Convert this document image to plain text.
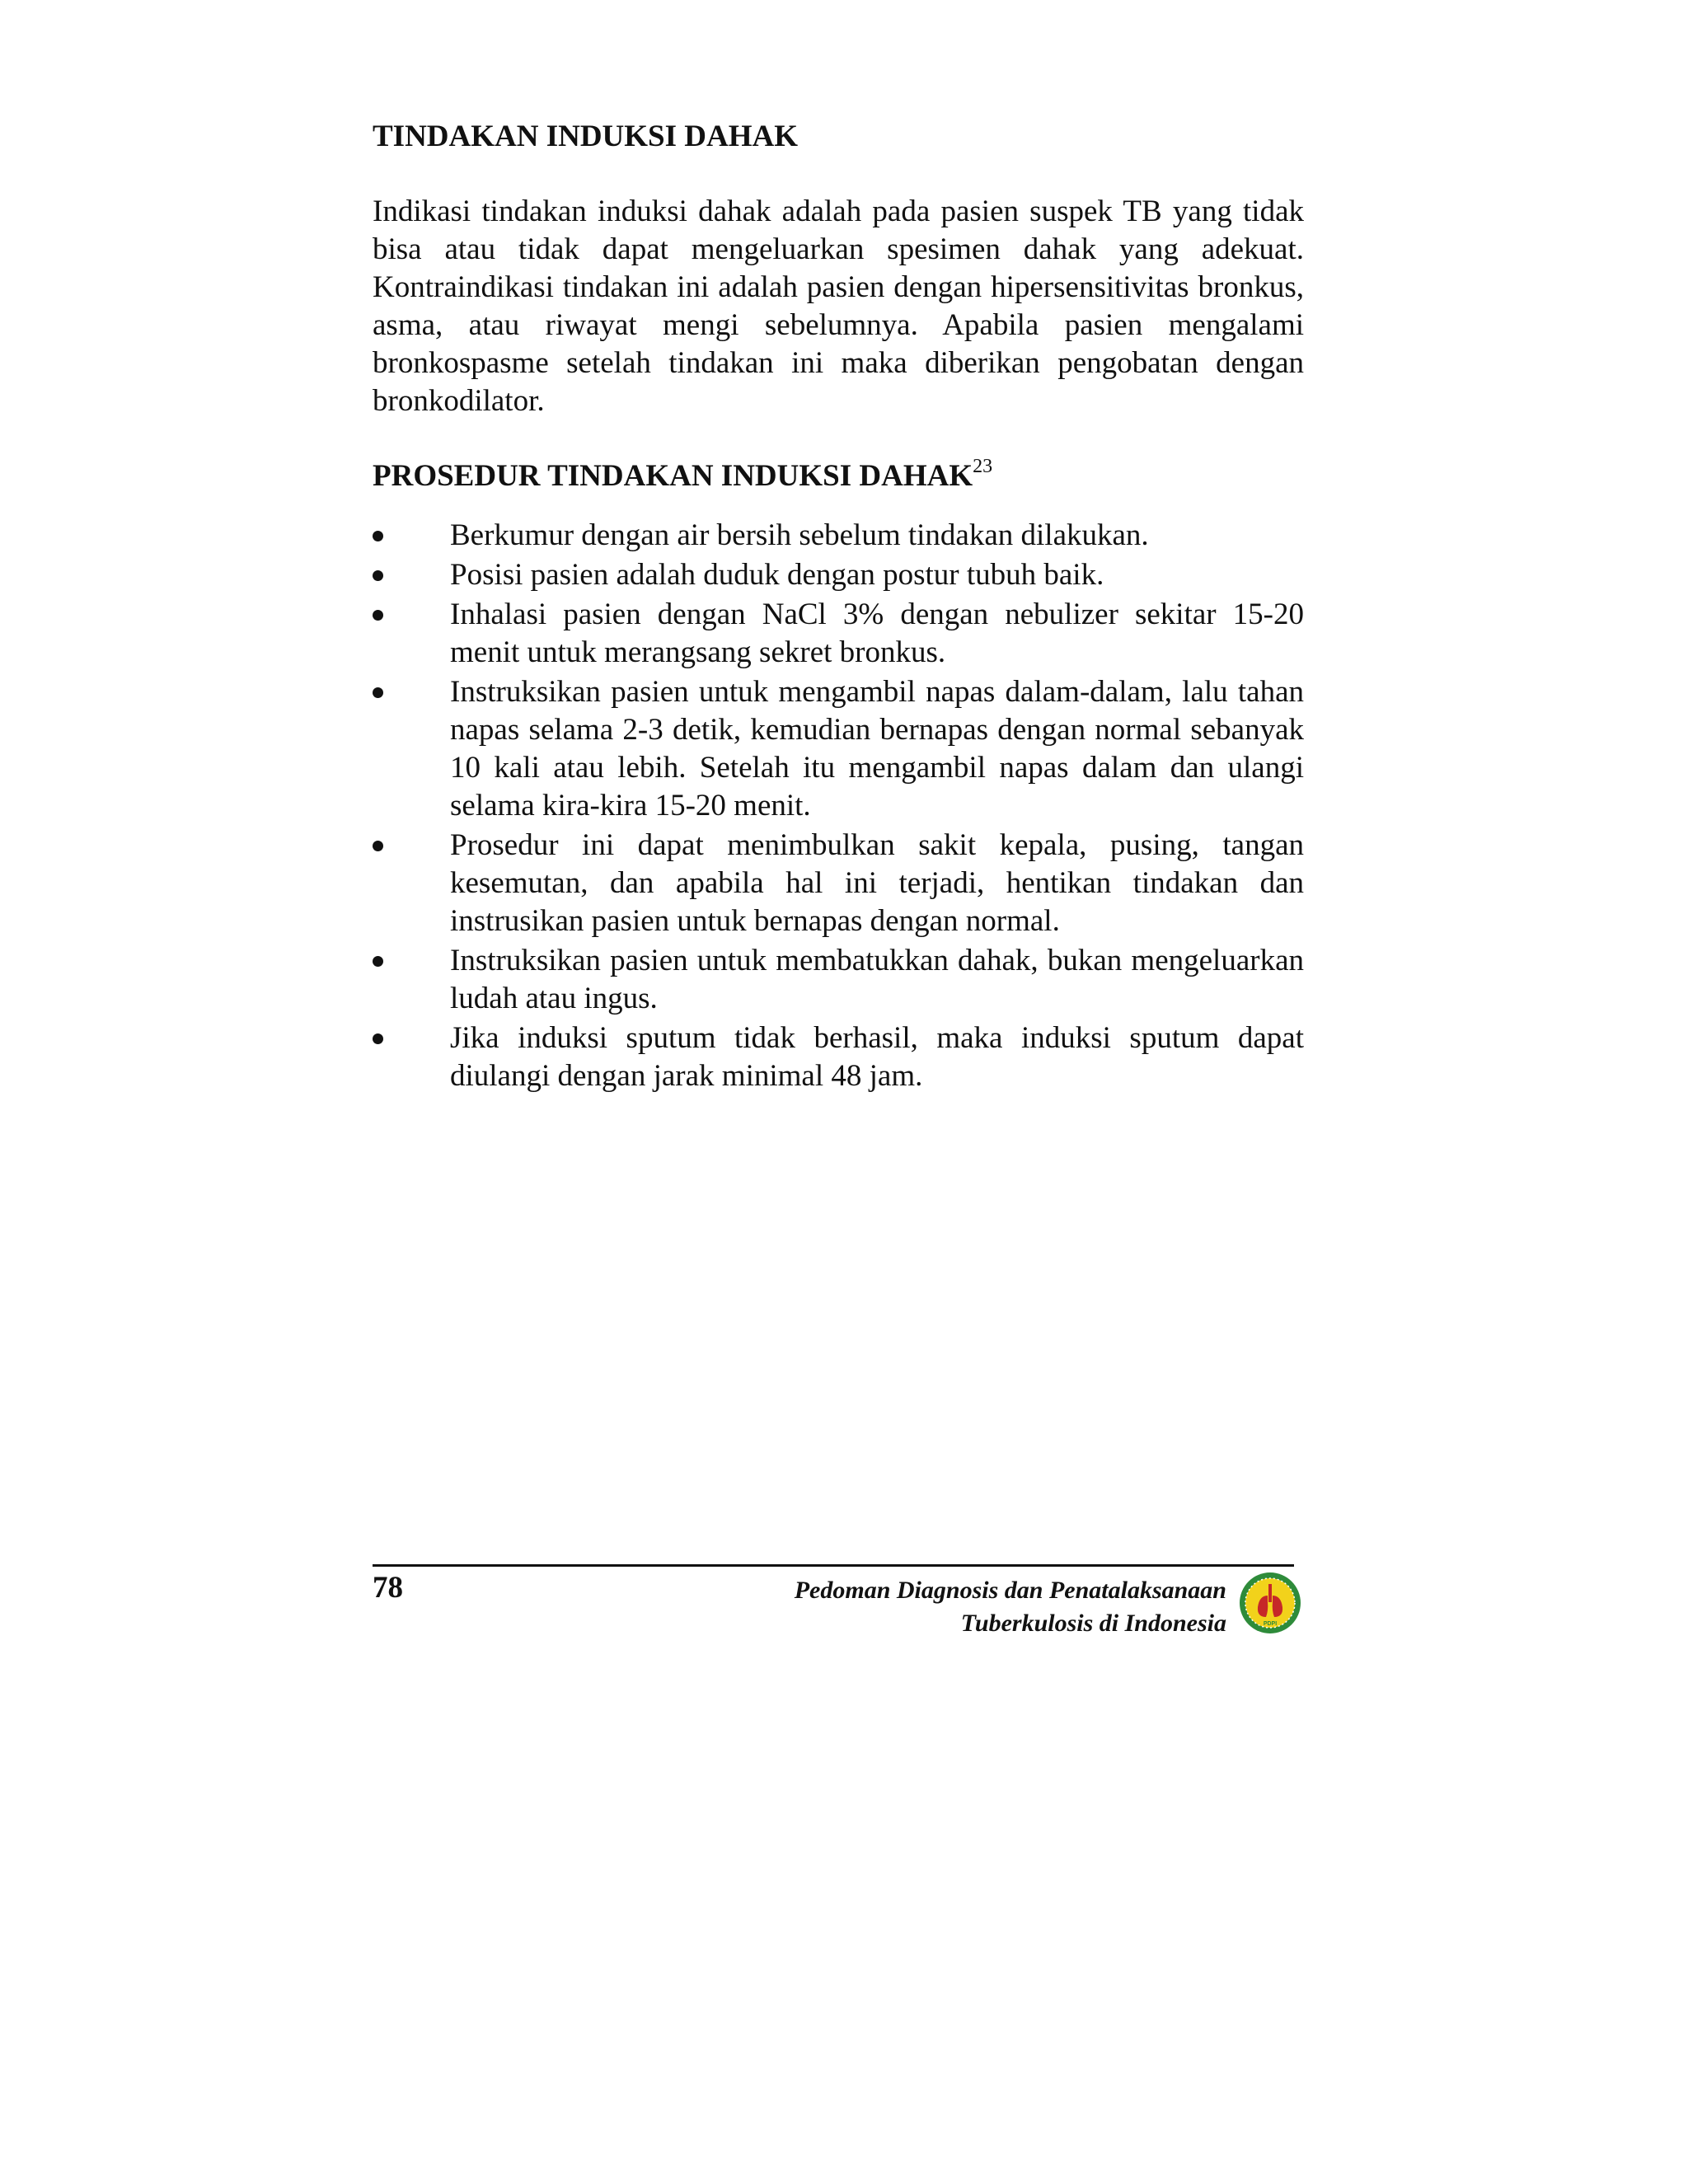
TINDAKAN INDUKSI DAHAK

Indikasi tindakan induksi dahak adalah pada pasien suspek TB yang tidak bisa atau tidak dapat mengeluarkan spesimen dahak yang adekuat. Kontraindikasi tindakan ini adalah pasien dengan hipersensitivitas bronkus, asma, atau riwayat mengi sebelumnya. Apabila pasien mengalami bronkospasme setelah tindakan ini maka diberikan pengobatan dengan bronkodilator.

PROSEDUR TINDAKAN INDUKSI DAHAK$^{23}$
Berkumur dengan air bersih sebelum tindakan dilakukan.
Posisi pasien adalah duduk dengan postur tubuh baik.
Inhalasi pasien dengan NaCl 3% dengan nebulizer sekitar 15-20 menit untuk merangsang sekret bronkus.
Instruksikan pasien untuk mengambil napas dalam-dalam, lalu tahan napas selama 2-3 detik, kemudian bernapas dengan normal sebanyak 10 kali atau lebih. Setelah itu mengambil napas dalam dan ulangi selama kira-kira 15-20 menit.
Prosedur ini dapat menimbulkan sakit kepala, pusing, tangan kesemutan, dan apabila hal ini terjadi, hentikan tindakan dan instrusikan pasien untuk bernapas dengan normal.
Instruksikan pasien untuk membatukkan dahak, bukan mengeluarkan ludah atau ingus.
Jika induksi sputum tidak berhasil, maka induksi sputum dapat diulangi dengan jarak minimal 48 jam.
78	Pedoman Diagnosis dan Penatalaksanaan
Tuberkulosis di Indonesia	PDPI
